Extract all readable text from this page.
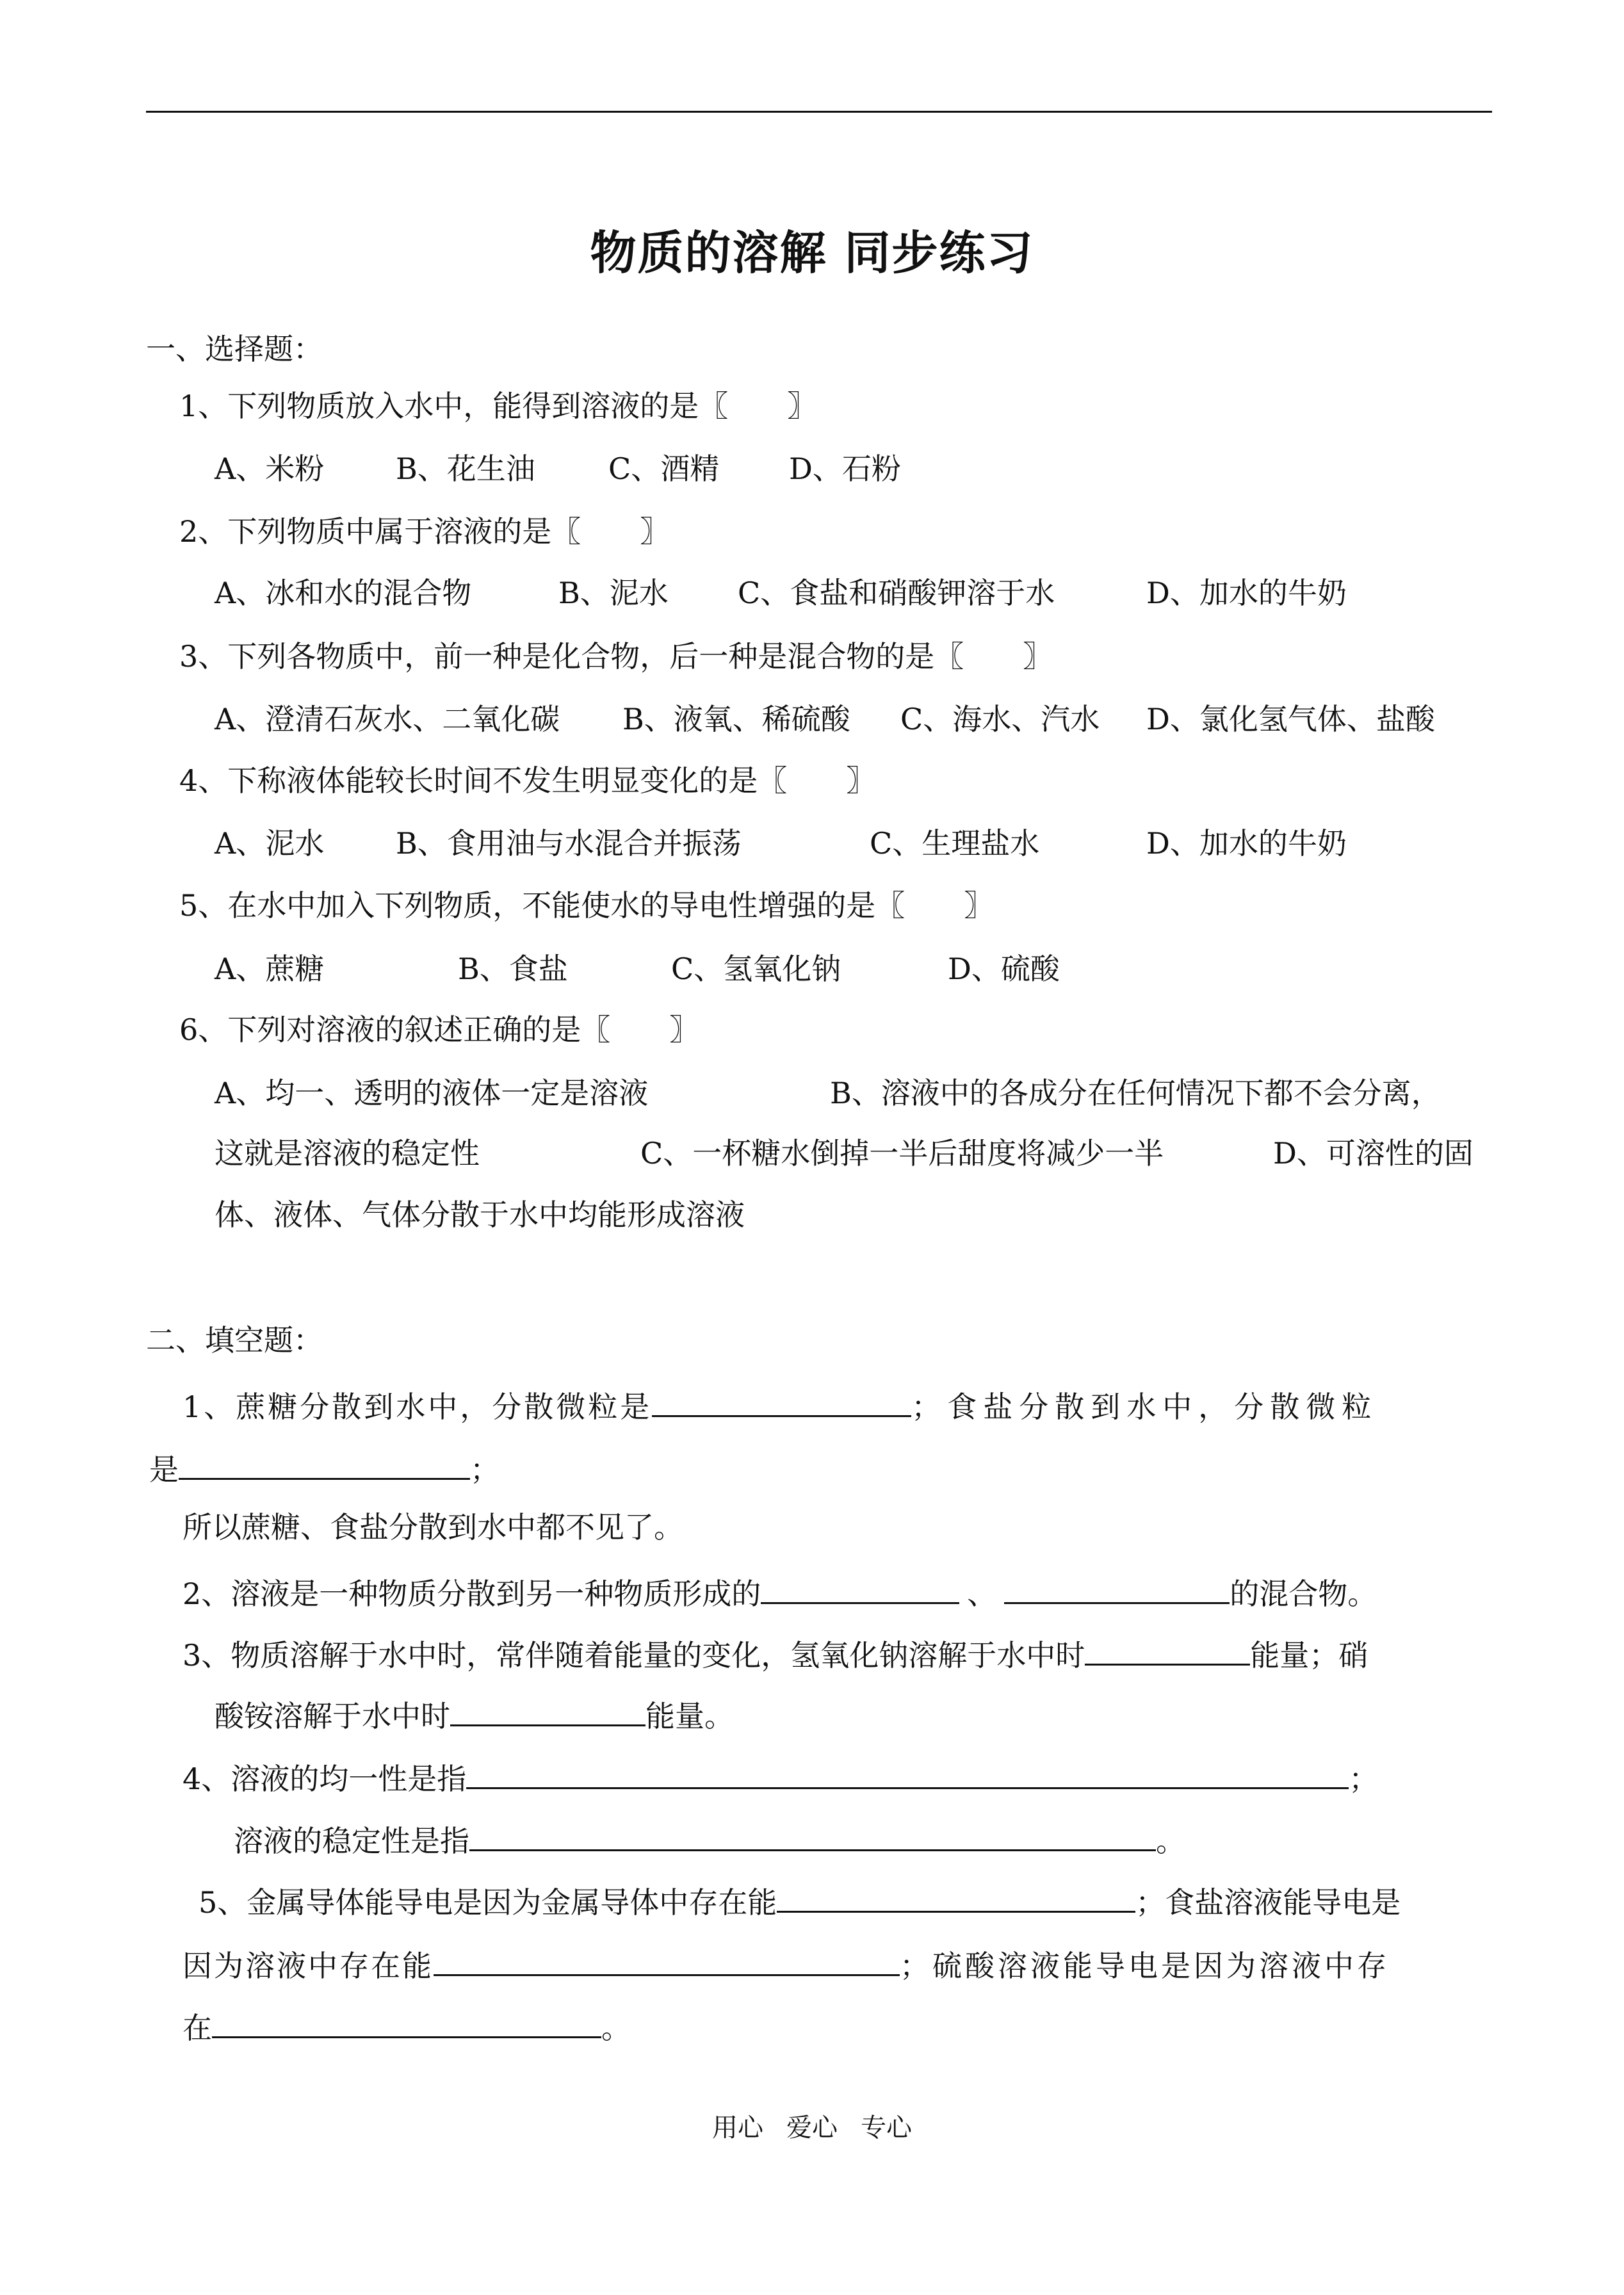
物质的溶解 同步练习
一、选择题：
1、下列物质放入水中，能得到溶液的是〖　　〗
A、米粉 B、花生油 C、酒精 D、石粉
2、下列物质中属于溶液的是〖　　〗
A、冰和水的混合物	B、泥水 C、食盐和硝酸钾溶于水	D、加水的牛奶
3、下列各物质中，前一种是化合物，后一种是混合物的是〖　　〗
A、澄清石灰水、二氧化碳 B、液氧、稀硫酸 C、海水、汽水 D、氯化氢气体、盐酸
4、下称液体能较长时间不发生明显变化的是〖　　〗
A、泥水 B、食用油与水混合并振荡	C、生理盐水	D、加水的牛奶
5、在水中加入下列物质，不能使水的导电性增强的是〖　　〗
A、蔗糖	B、食盐	C、氢氧化钠	D、硫酸
6、下列对溶液的叙述正确的是〖　　〗
A、均一、透明的液体一定是溶液	B、溶液中的各成分在任何情况下都不会分离，
这就是溶液的稳定性	C、一杯糖水倒掉一半后甜度将减少一半	D、可溶性的固
体、液体、气体分散于水中均能形成溶液
二、填空题：
1、蔗糖分散到水中，分散微粒是	；食盐分散到水中，分散微粒
是	；
所以蔗糖、食盐分散到水中都不见了。
2、溶液是一种物质分散到另一种物质形成的	、	的混合物。
3、物质溶解于水中时，常伴随着能量的变化，氢氧化钠溶解于水中时	能量；硝
酸铵溶解于水中时	能量。
4、溶液的均一性是指	；
溶液的稳定性是指	。
5、金属导体能导电是因为金属导体中存在能	；食盐溶液能导电是
因为溶液中存在能	；硫酸溶液能导电是因为溶液中存
在	。
用心 爱心 专心
